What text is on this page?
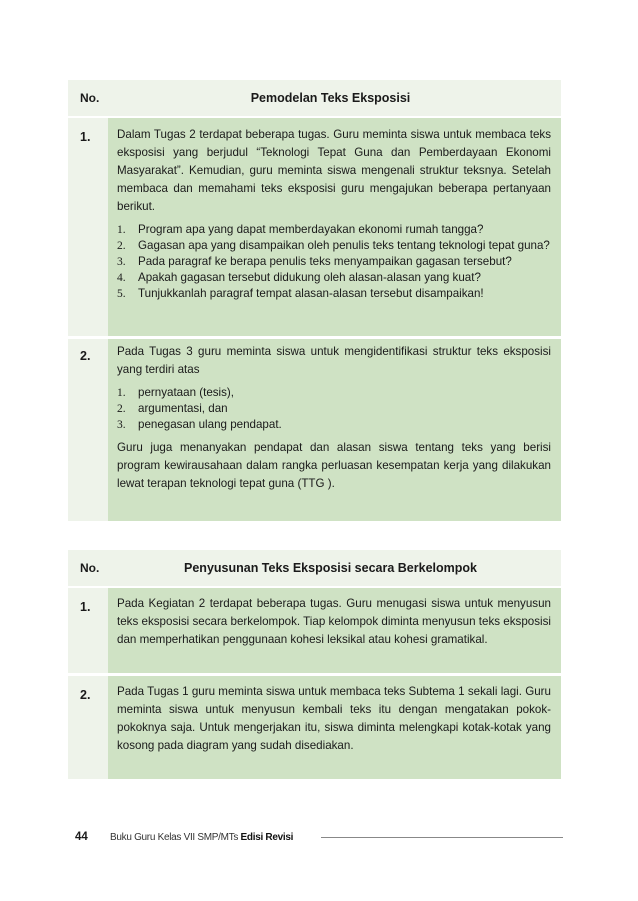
No.	Pemodelan Teks Eksposisi
1.	Dalam Tugas 2 terdapat beberapa tugas. Guru meminta siswa untuk membaca teks eksposisi yang berjudul “Teknologi Tepat Guna dan Pemberdayaan Ekonomi Masyarakat”. Kemudian, guru meminta siswa mengenali struktur teksnya. Setelah membaca dan memahami teks eksposisi guru mengajukan beberapa pertanyaan berikut.

1.	Program apa yang dapat memberdayakan ekonomi rumah tangga?
2.	Gagasan apa yang disampaikan oleh penulis teks tentang teknologi tepat guna?
3.	Pada paragraf ke berapa penulis teks menyampaikan gagasan tersebut?
4.	Apakah gagasan tersebut didukung oleh alasan-alasan yang kuat?
5.	Tunjukkanlah paragraf tempat alasan-alasan tersebut disampaikan!
2.	Pada Tugas 3 guru meminta siswa untuk mengidentifikasi struktur teks eksposisi yang terdiri atas

1.	pernyataan (tesis),
2.	argumentasi, dan
3.	penegasan ulang pendapat.

Guru juga menanyakan pendapat dan alasan siswa tentang teks yang berisi program kewirausahaan dalam rangka perluasan kesempatan kerja yang dilakukan lewat terapan teknologi tepat guna (TTG ).

No.	Penyusunan Teks Eksposisi secara Berkelompok
1.	Pada Kegiatan 2 terdapat beberapa tugas. Guru menugasi siswa untuk menyusun teks eksposisi secara berkelompok. Tiap kelompok diminta menyusun teks eksposisi dan memperhatikan penggunaan kohesi leksikal atau kohesi gramatikal.

2.	Pada Tugas 1 guru meminta siswa untuk membaca teks Subtema 1 sekali lagi. Guru meminta siswa untuk menyusun kembali teks itu dengan mengatakan pokok-pokoknya saja. Untuk mengerjakan itu, siswa diminta melengkapi kotak-kotak yang kosong pada diagram yang sudah disediakan.

44	Buku Guru Kelas VII SMP/MTs Edisi Revisi
